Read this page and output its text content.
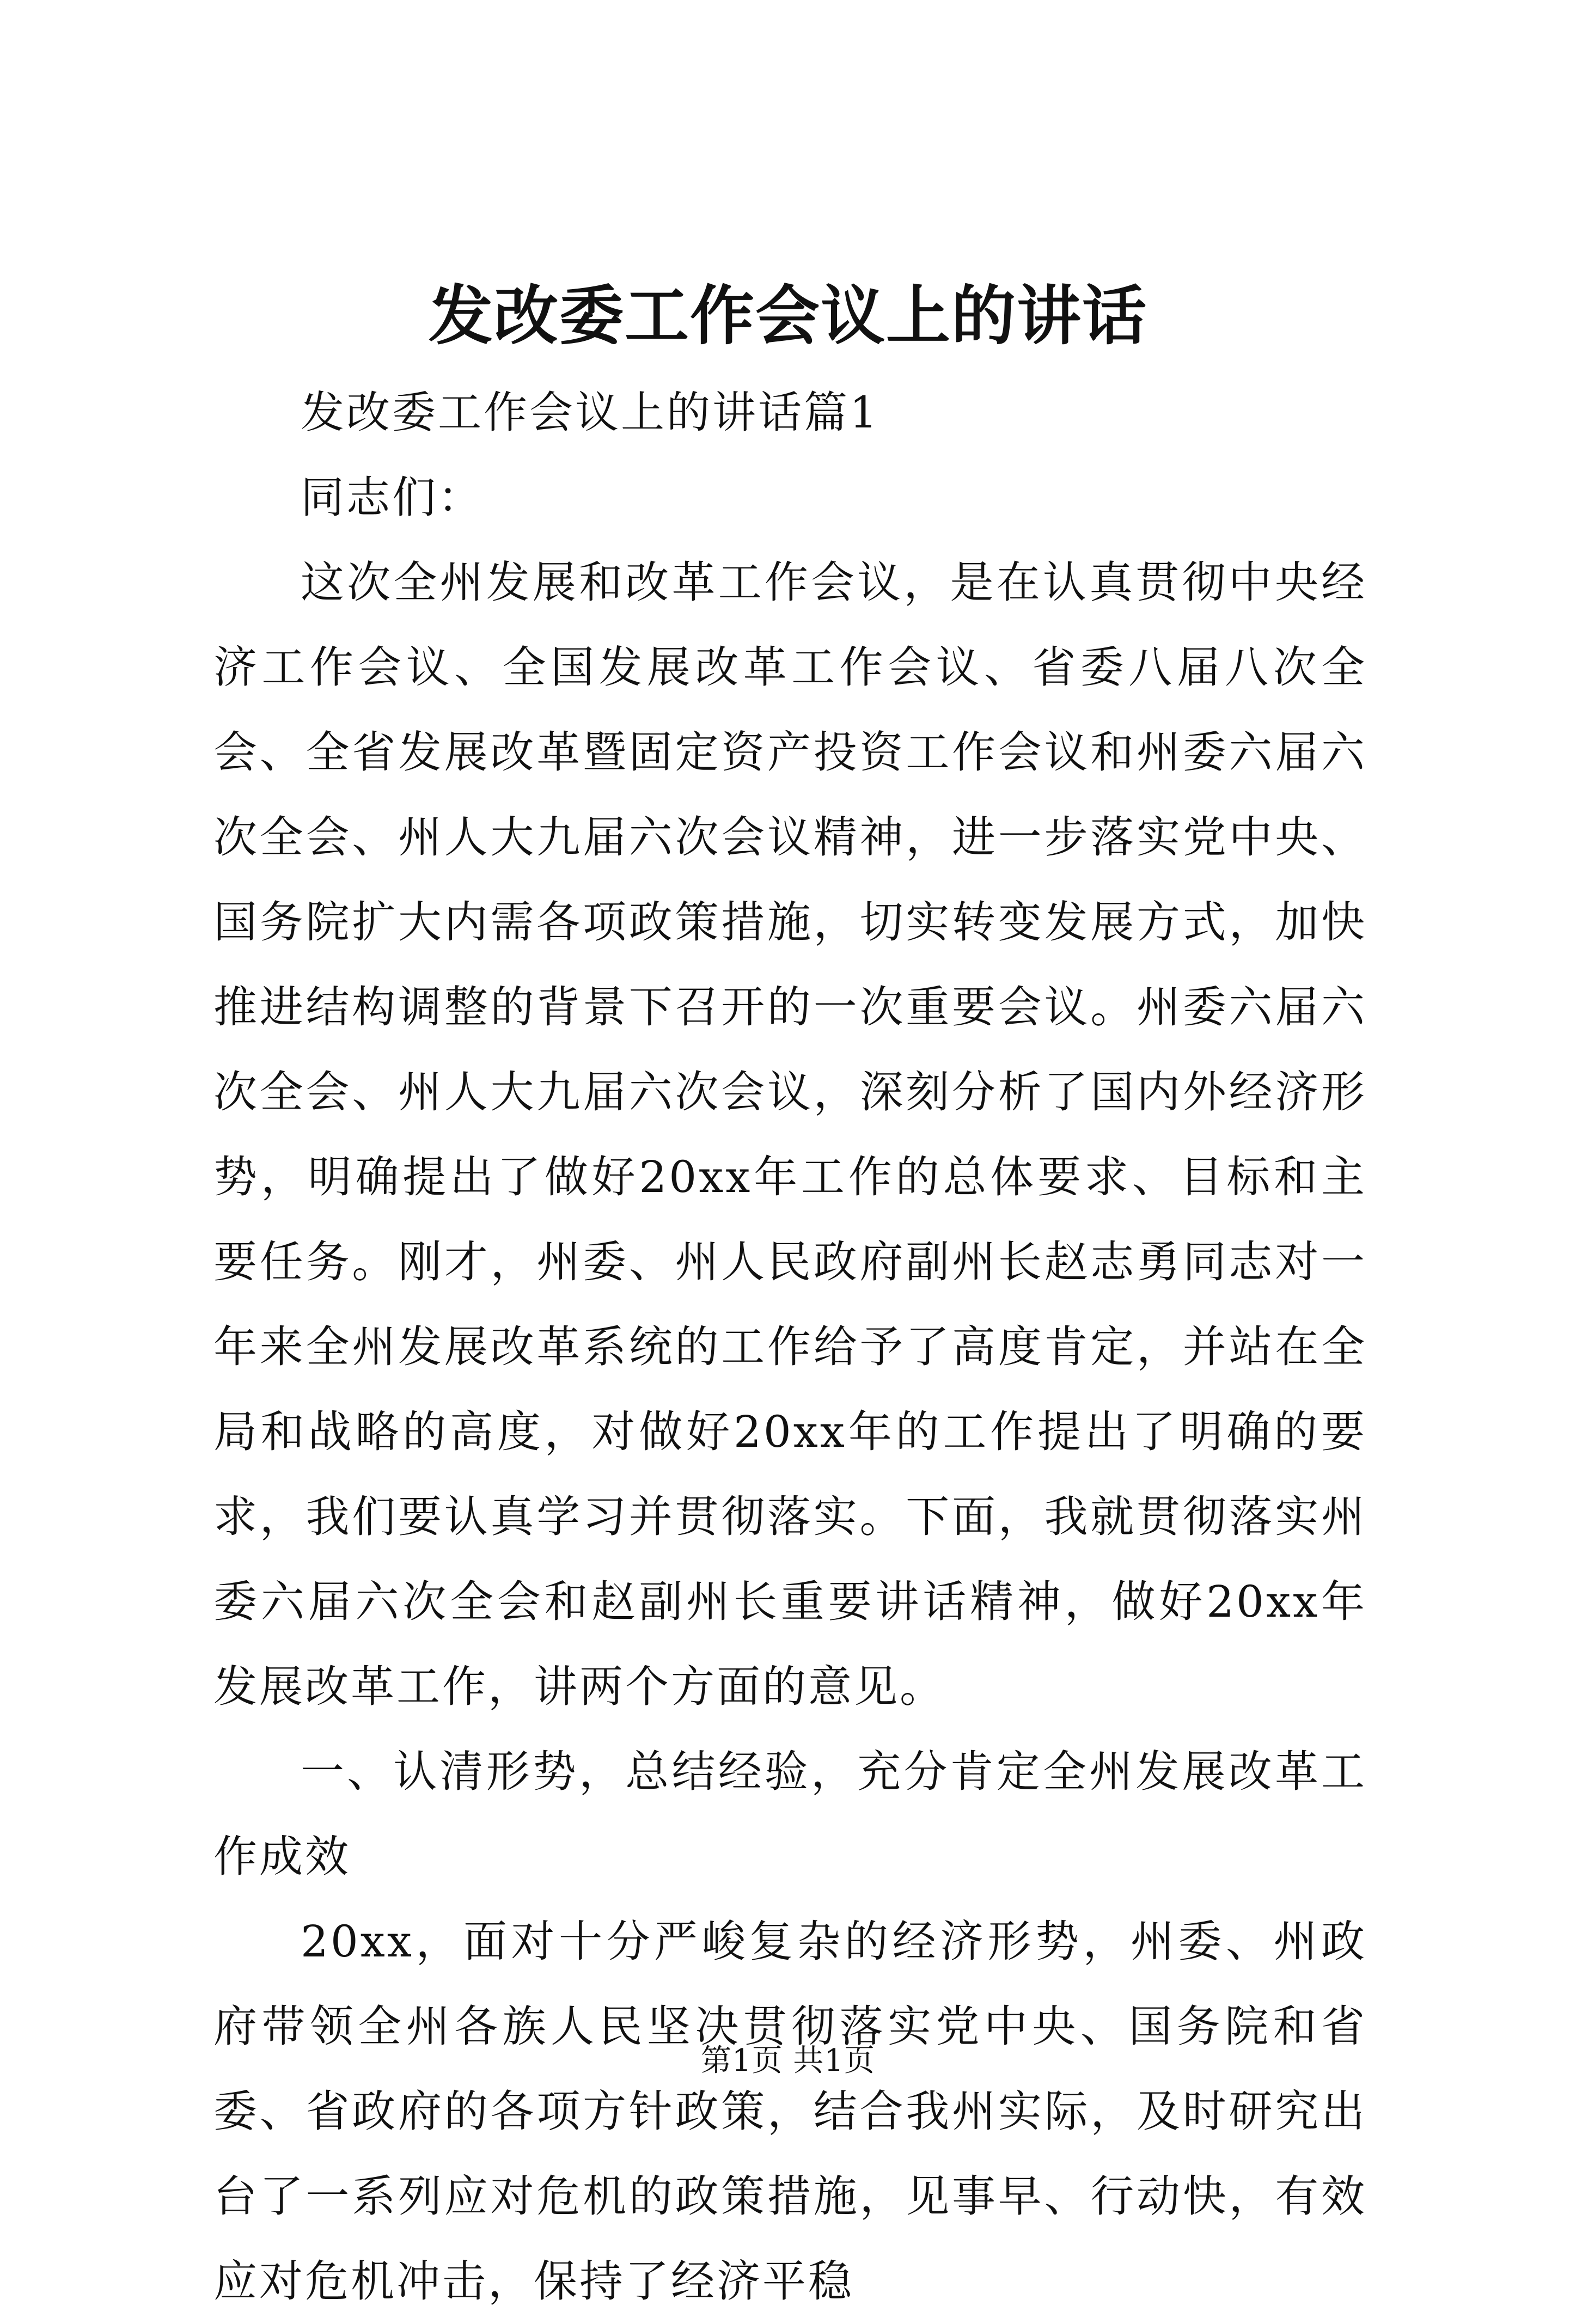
发改委工作会议上的讲话

发改委工作会议上的讲话篇1

同志们：

这次全州发展和改革工作会议，是在认真贯彻中央经济工作会议、全国发展改革工作会议、省委八届八次全会、全省发展改革暨固定资产投资工作会议和州委六届六次全会、州人大九届六次会议精神，进一步落实党中央、国务院扩大内需各项政策措施，切实转变发展方式，加快推进结构调整的背景下召开的一次重要会议。州委六届六次全会、州人大九届六次会议，深刻分析了国内外经济形势，明确提出了做好20xx年工作的总体要求、目标和主要任务。刚才，州委、州人民政府副州长赵志勇同志对一年来全州发展改革系统的工作给予了高度肯定，并站在全局和战略的高度，对做好20xx年的工作提出了明确的要求，我们要认真学习并贯彻落实。下面，我就贯彻落实州委六届六次全会和赵副州长重要讲话精神，做好20xx年发展改革工作，讲两个方面的意见。

一、认清形势，总结经验，充分肯定全州发展改革工作成效

20xx，面对十分严峻复杂的经济形势，州委、州政府带领全州各族人民坚决贯彻落实党中央、国务院和省委、省政府的各项方针政策，结合我州实际，及时研究出台了一系列应对危机的政策措施，见事早、行动快，有效应对危机冲击，保持了经济平稳

第1页 共1页
